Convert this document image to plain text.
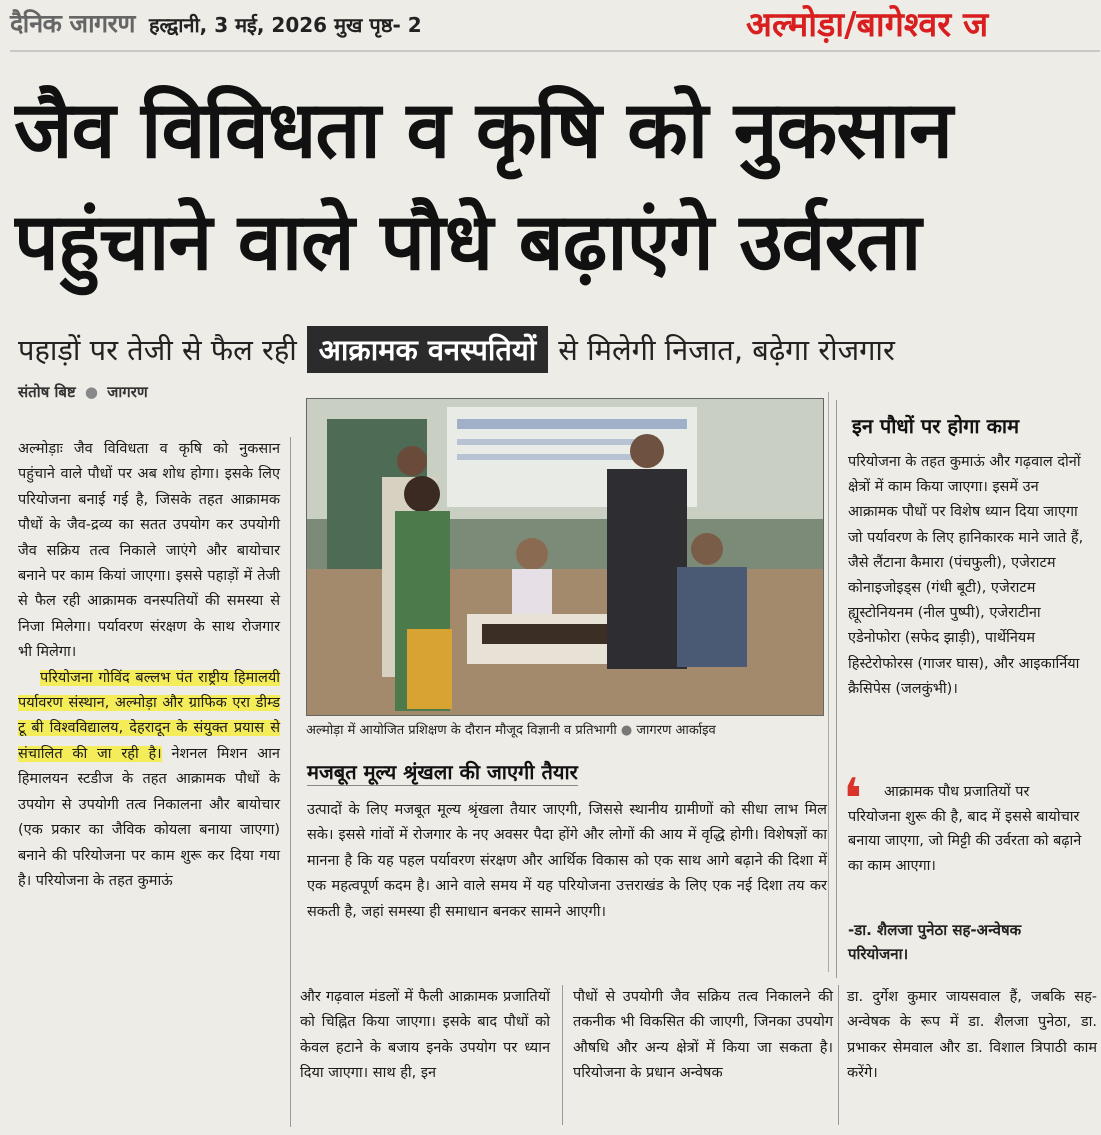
दैनिक जागरण हल्द्वानी, 3 मई, 2026 मुख पृष्ठ- 2	अल्मोड़ा/बागेश्वर ज
जैव विविधता व कृषि को नुकसान
पहुंचाने वाले पौधे बढ़ाएंगे उर्वरता
पहाड़ों पर तेजी से फैल रही आक्रामक वनस्पतियों से मिलेगी निजात, बढ़ेगा रोजगार
संतोष बिष्ट ● जागरण

अल्मोड़ाः जैव विविधता व कृषि को नुकसान पहुंचाने वाले पौधों पर अब शोध होगा। इसके लिए परियोजना बनाई गई है, जिसके तहत आक्रामक पौधों के जैव-द्रव्य का सतत उपयोग कर उपयोगी जैव सक्रिय तत्व निकाले जाएंगे और बायोचार बनाने पर काम कियां जाएगा। इससे पहाड़ों में तेजी से फैल रही आक्रामक वनस्पतियों की समस्या से निजा मिलेगा। पर्यावरण संरक्षण के साथ रोजगार भी मिलेगा।

परियोजना गोविंद बल्लभ पंत राष्ट्रीय हिमालयी पर्यावरण संस्थान, अल्मोड़ा और ग्राफिक एरा डीम्ड टू बी विश्वविद्यालय, देहरादून के संयुक्त प्रयास से संचालित की जा रही है। नेशनल मिशन आन हिमालयन स्टडीज के तहत आक्रामक पौधों के उपयोग से उपयोगी तत्व निकालना और बायोचार (एक प्रकार का जैविक कोयला बनाया जाएगा) बनाने की परियोजना पर काम शुरू कर दिया गया है। परियोजना के तहत कुमाऊं

अल्मोड़ा में आयोजित प्रशिक्षण के दौरान मौजूद विज्ञानी व प्रतिभागी ● जागरण आर्काइव
मजबूत मूल्य श्रृंखला की जाएगी तैयार
उत्पादों के लिए मजबूत मूल्य श्रृंखला तैयार जाएगी, जिससे स्थानीय ग्रामीणों को सीधा लाभ मिल सके। इससे गांवों में रोजगार के नए अवसर पैदा होंगे और लोगों की आय में वृद्धि होगी। विशेषज्ञों का मानना है कि यह पहल पर्यावरण संरक्षण और आर्थिक विकास को एक साथ आगे बढ़ाने की दिशा में एक महत्वपूर्ण कदम है। आने वाले समय में यह परियोजना उत्तराखंड के लिए एक नई दिशा तय कर सकती है, जहां समस्या ही समाधान बनकर सामने आएगी।
इन पौधों पर होगा काम
परियोजना के तहत कुमाऊं और गढ़वाल दोनों क्षेत्रों में काम किया जाएगा। इसमें उन आक्रामक पौधों पर विशेष ध्यान दिया जाएगा जो पर्यावरण के लिए हानिकारक माने जाते हैं, जैसे लैंटाना कैमारा (पंचफुली), एजेराटम कोनाइजोइड्स (गंधी बूटी), एजेराटम ह्यूस्टोनियनम (नील पुष्पी), एजेराटीना एडेनोफोरा (सफेद झाड़ी), पार्थेनियम हिस्टेरोफोरस (गाजर घास), और आइकार्निया क्रैसिपेस (जलकुंभी)।
❛	आक्रामक पौध प्रजातियों पर परियोजना शुरू की है, बाद में इससे बायोचार बनाया जाएगा, जो मिट्टी की उर्वरता को बढ़ाने का काम आएगा।
-डा. शैलजा पुनेठा सह-अन्वेषक परियोजना।
और गढ़वाल मंडलों में फैली आक्रामक प्रजातियों को चिह्नित किया जाएगा। इसके बाद पौधों को केवल हटाने के बजाय इनके उपयोग पर ध्यान दिया जाएगा। साथ ही, इन
पौधों से उपयोगी जैव सक्रिय तत्व निकालने की तकनीक भी विकसित की जाएगी, जिनका उपयोग औषधि और अन्य क्षेत्रों में किया जा सकता है। परियोजना के प्रधान अन्वेषक
डा. दुर्गेश कुमार जायसवाल हैं, जबकि सह-अन्वेषक के रूप में डा. शैलजा पुनेठा, डा. प्रभाकर सेमवाल और डा. विशाल त्रिपाठी काम करेंगे।
